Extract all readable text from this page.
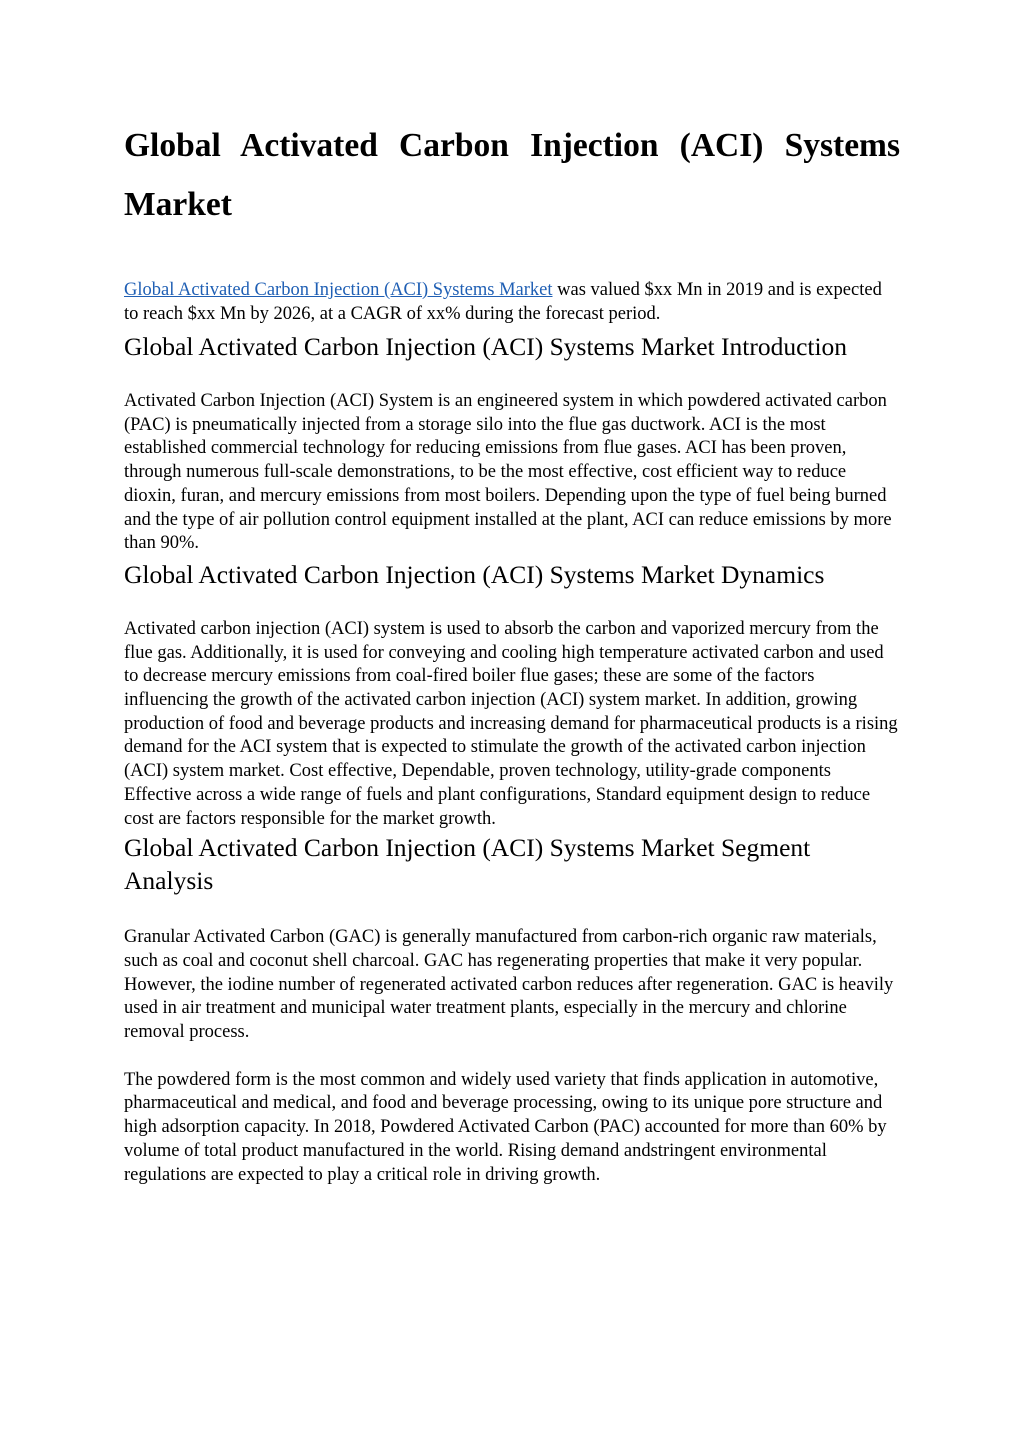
Global Activated Carbon Injection (ACI) Systems Market

Global Activated Carbon Injection (ACI) Systems Market was valued $xx Mn in 2019 and is expected to reach $xx Mn by 2026, at a CAGR of xx% during the forecast period.

Global Activated Carbon Injection (ACI) Systems Market Introduction

Activated Carbon Injection (ACI) System is an engineered system in which powdered activated carbon (PAC) is pneumatically injected from a storage silo into the flue gas ductwork. ACI is the most established commercial technology for reducing emissions from flue gases. ACI has been proven, through numerous full-scale demonstrations, to be the most effective, cost efficient way to reduce dioxin, furan, and mercury emissions from most boilers. Depending upon the type of fuel being burned and the type of air pollution control equipment installed at the plant, ACI can reduce emissions by more than 90%.

Global Activated Carbon Injection (ACI) Systems Market Dynamics

Activated carbon injection (ACI) system is used to absorb the carbon and vaporized mercury from the flue gas. Additionally, it is used for conveying and cooling high temperature activated carbon and used to decrease mercury emissions from coal-fired boiler flue gases; these are some of the factors influencing the growth of the activated carbon injection (ACI) system market. In addition, growing production of food and beverage products and increasing demand for pharmaceutical products is a rising demand for the ACI system that is expected to stimulate the growth of the activated carbon injection (ACI) system market. Cost effective, Dependable, proven technology, utility-grade components Effective across a wide range of fuels and plant configurations, Standard equipment design to reduce cost are factors responsible for the market growth.

Global Activated Carbon Injection (ACI) Systems Market Segment Analysis

Granular Activated Carbon (GAC) is generally manufactured from carbon-rich organic raw materials, such as coal and coconut shell charcoal. GAC has regenerating properties that make it very popular. However, the iodine number of regenerated activated carbon reduces after regeneration. GAC is heavily used in air treatment and municipal water treatment plants, especially in the mercury and chlorine removal process.

The powdered form is the most common and widely used variety that finds application in automotive, pharmaceutical and medical, and food and beverage processing, owing to its unique pore structure and high adsorption capacity. In 2018, Powdered Activated Carbon (PAC) accounted for more than 60% by volume of total product manufactured in the world. Rising demand andstringent environmental regulations are expected to play a critical role in driving growth.
